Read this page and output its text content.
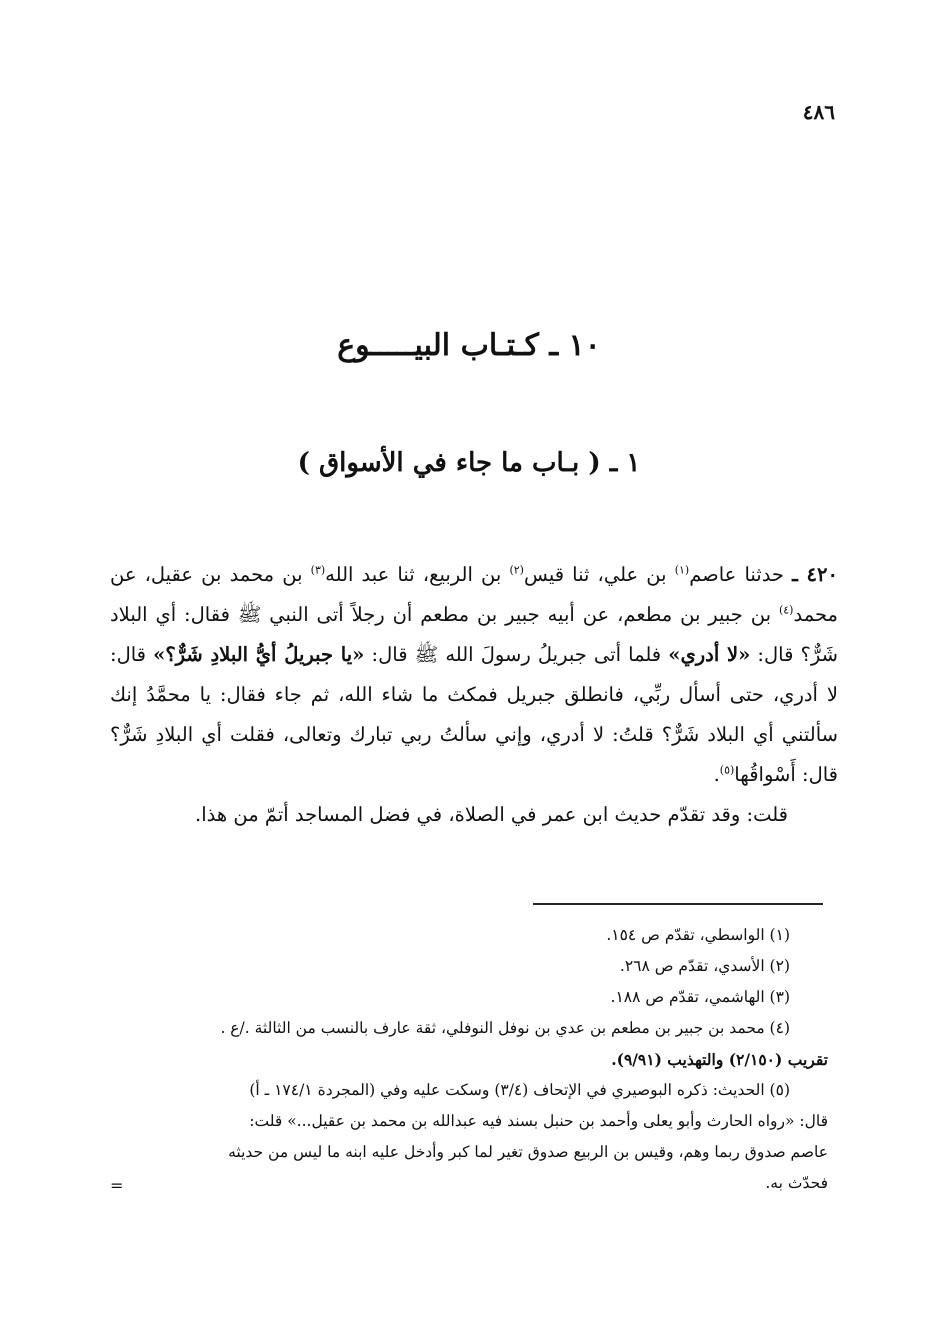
٤٨٦
١٠ ـ كـتـاب البيـــــوع
١ ـ ( بـاب ما جاء في الأسواق )

٤٢٠ ـ حدثنا عاصم$^{(١)}$ بن علي، ثنا قيس$^{(٢)}$ بن الربيع، ثنا عبد الله$^{(٣)}$ بن محمد بن عقيل، عن محمد$^{(٤)}$ بن جبير بن مطعم، عن أبيه جبير بن مطعم أن رجلاً أتى النبي ﷺ فقال: أي البلاد شَرٌّ؟ قال: «لا أدري» فلما أتى جبريلُ رسولَ الله ﷺ قال: «يا جبريلُ أيُّ البلادِ شَرٌّ؟» قال: لا أدري، حتى أسأل ربِّي، فانطلق جبريل فمكث ما شاء الله، ثم جاء فقال: يا محمَّدُ إنك سألتني أي البلاد شَرٌّ؟ قلتُ: لا أدري، وإني سألتُ ربي تبارك وتعالى، فقلت أي البلادِ شَرٌّ؟ قال: أَسْواقُها$^{(٥)}$.

قلت: وقد تقدّم حديث ابن عمر في الصلاة، في فضل المساجد أتمّ من هذا.

(١) الواسطي، تقدّم ص ١٥٤.

(٢) الأسدي، تقدّم ص ٢٦٨.

(٣) الهاشمي، تقدّم ص ١٨٨.

(٤) محمد بن جبير بن مطعم بن عدي بن نوفل النوفلي، ثقة عارف بالنسب من الثالثة ./ع .

تقريب (٢/١٥٠) والتهذيب (٩/٩١).

(٥) الحديث: ذكره البوصيري في الإتحاف (٣/٤) وسكت عليه وفي (المجردة ١٧٤/١ ـ أ)

قال: «رواه الحارث وأبو يعلى وأحمد بن حنبل بسند فيه عبدالله بن محمد بن عقيل...» قلت:

عاصم صدوق ربما وهم، وقيس بن الربيع صدوق تغير لما كبر وأدخل عليه ابنه ما ليس من حديثه

فحدّث به.

=
